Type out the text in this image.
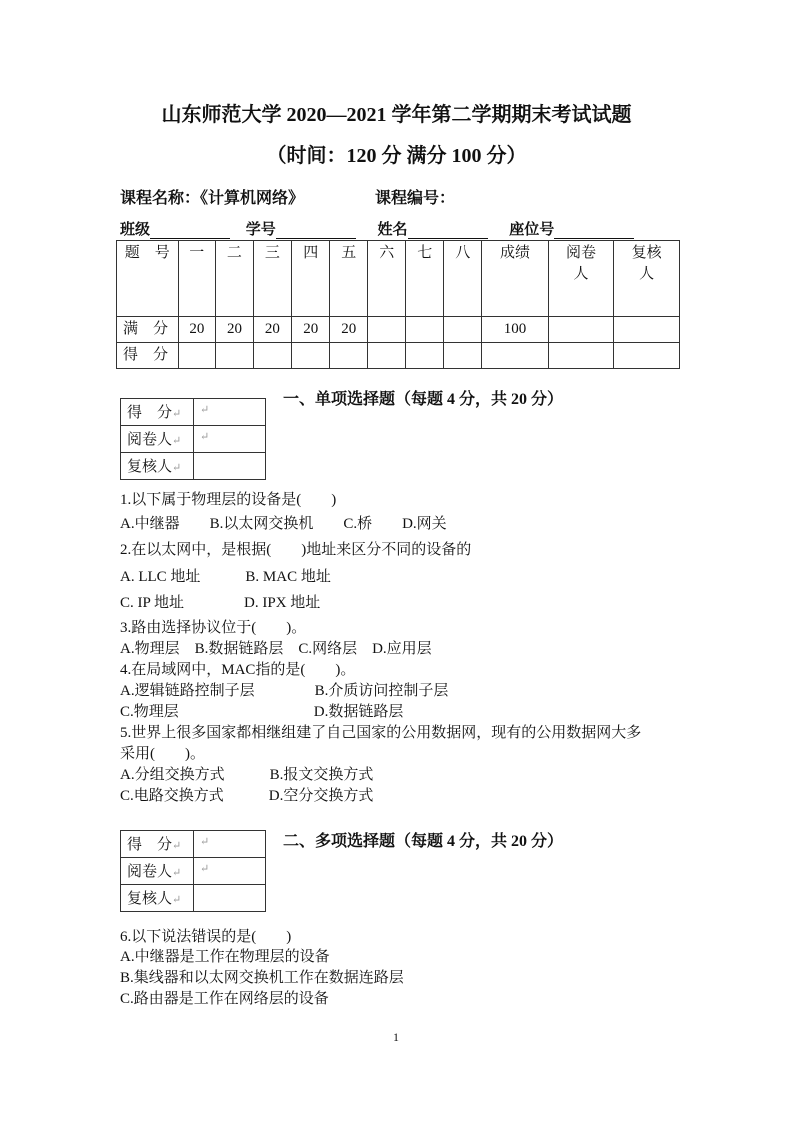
山东师范大学 2020—2021 学年第二学期期末考试试题
（时间：120 分 满分 100 分）
课程名称：《计算机网络》	课程编号：
班级	学号	姓名	座位号
题　号	一	二	三	四	五	六	七	八	成绩	阅卷人	复核人
满　分	20	20	20	20	20				100		
得　分											
得　分↵	↵
阅卷人↵	↵
复核人↵	
一、单项选择题（每题 4 分，共 20 分）
1.以下属于物理层的设备是(　　)
A.中继器　　B.以太网交换机　　C.桥　　D.网关
2.在以太网中，是根据(　　)地址来区分不同的设备的
A. LLC 地址　　　B. MAC 地址
C. IP 地址　　　　D. IPX 地址
3.路由选择协议位于(　　)。
A.物理层　B.数据链路层　C.网络层　D.应用层
4.在局域网中，MAC指的是(　　)。
A.逻辑链路控制子层　　　　B.介质访问控制子层
C.物理层　　　　　　　　　D.数据链路层
5.世界上很多国家都相继组建了自己国家的公用数据网，现有的公用数据网大多
采用(　　)。
A.分组交换方式　　　B.报文交换方式
C.电路交换方式　　　D.空分交换方式
得　分↵	↵
阅卷人↵	↵
复核人↵	
二、多项选择题（每题 4 分，共 20 分）
6.以下说法错误的是(　　)
A.中继器是工作在物理层的设备
B.集线器和以太网交换机工作在数据连路层
C.路由器是工作在网络层的设备
1
